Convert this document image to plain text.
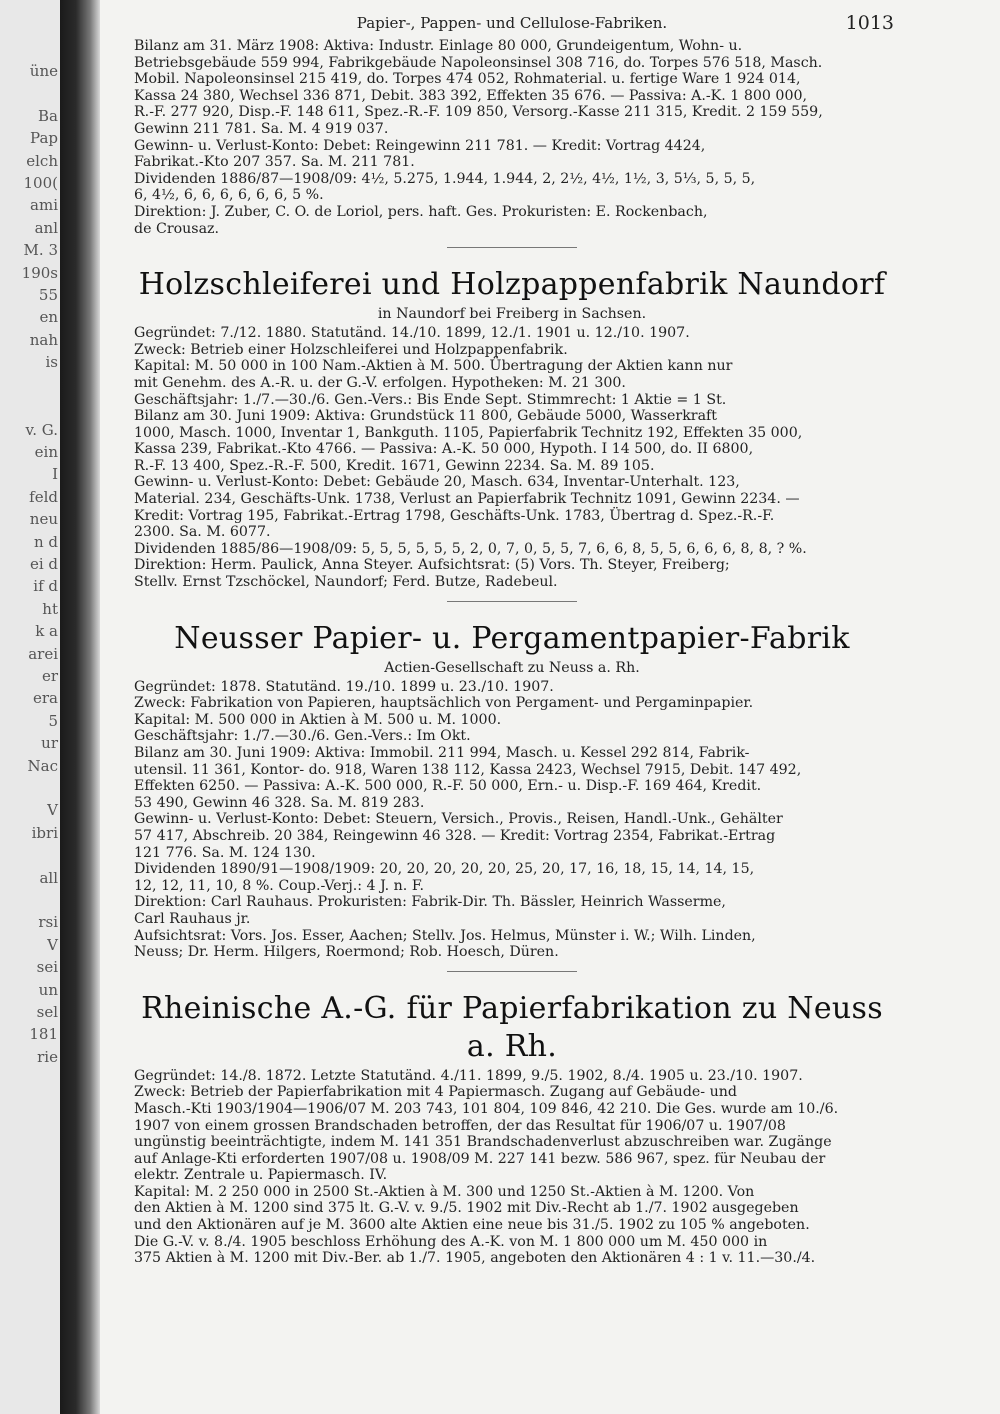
üne

Ba
Pap
elch
100(
ami
anl
M. 3
190s
55
en
nah
is

v. G.
ein
I
feld
neu
n d
ei d
if d
ht
k a
arei
er
era
5
ur
Nac

V
ibri

all

rsi
V
sei
un
sel
181
rie

Papier-, Pappen- und Cellulose-Fabriken.	1013
Bilanz am 31. März 1908: Aktiva: Industr. Einlage 80 000, Grundeigentum, Wohn- u.
Betriebsgebäude 559 994, Fabrikgebäude Napoleonsinsel 308 716, do. Torpes 576 518, Masch.
Mobil. Napoleonsinsel 215 419, do. Torpes 474 052, Rohmaterial. u. fertige Ware 1 924 014,
Kassa 24 380, Wechsel 336 871, Debit. 383 392, Effekten 35 676. — Passiva: A.-K. 1 800 000,
R.-F. 277 920, Disp.-F. 148 611, Spez.-R.-F. 109 850, Versorg.-Kasse 211 315, Kredit. 2 159 559,
Gewinn 211 781. Sa. M. 4 919 037.
Gewinn- u. Verlust-Konto: Debet: Reingewinn 211 781. — Kredit: Vortrag 4424,
Fabrikat.-Kto 207 357. Sa. M. 211 781.
Dividenden 1886/87—1908/09: 4½, 5.275, 1.944, 1.944, 2, 2½, 4½, 1½, 3, 5⅓, 5, 5, 5,
6, 4½, 6, 6, 6, 6, 6, 6, 5 %.
Direktion: J. Zuber, C. O. de Loriol, pers. haft. Ges. Prokuristen: E. Rockenbach,
de Crousaz.
Holzschleiferei und Holzpappenfabrik Naundorf
in Naundorf bei Freiberg in Sachsen.
Gegründet: 7./12. 1880. Statutänd. 14./10. 1899, 12./1. 1901 u. 12./10. 1907.
Zweck: Betrieb einer Holzschleiferei und Holzpappenfabrik.
Kapital: M. 50 000 in 100 Nam.-Aktien à M. 500. Übertragung der Aktien kann nur
mit Genehm. des A.-R. u. der G.-V. erfolgen. Hypotheken: M. 21 300.
Geschäftsjahr: 1./7.—30./6. Gen.-Vers.: Bis Ende Sept. Stimmrecht: 1 Aktie = 1 St.
Bilanz am 30. Juni 1909: Aktiva: Grundstück 11 800, Gebäude 5000, Wasserkraft
1000, Masch. 1000, Inventar 1, Bankguth. 1105, Papierfabrik Technitz 192, Effekten 35 000,
Kassa 239, Fabrikat.-Kto 4766. — Passiva: A.-K. 50 000, Hypoth. I 14 500, do. II 6800,
R.-F. 13 400, Spez.-R.-F. 500, Kredit. 1671, Gewinn 2234. Sa. M. 89 105.
Gewinn- u. Verlust-Konto: Debet: Gebäude 20, Masch. 634, Inventar-Unterhalt. 123,
Material. 234, Geschäfts-Unk. 1738, Verlust an Papierfabrik Technitz 1091, Gewinn 2234. —
Kredit: Vortrag 195, Fabrikat.-Ertrag 1798, Geschäfts-Unk. 1783, Übertrag d. Spez.-R.-F.
2300. Sa. M. 6077.
Dividenden 1885/86—1908/09: 5, 5, 5, 5, 5, 5, 2, 0, 7, 0, 5, 5, 7, 6, 6, 8, 5, 5, 6, 6, 6, 8, 8, ? %.
Direktion: Herm. Paulick, Anna Steyer. Aufsichtsrat: (5) Vors. Th. Steyer, Freiberg;
Stellv. Ernst Tzschöckel, Naundorf; Ferd. Butze, Radebeul.
Neusser Papier- u. Pergamentpapier-Fabrik
Actien-Gesellschaft zu Neuss a. Rh.
Gegründet: 1878. Statutänd. 19./10. 1899 u. 23./10. 1907.
Zweck: Fabrikation von Papieren, hauptsächlich von Pergament- und Pergaminpapier.
Kapital: M. 500 000 in Aktien à M. 500 u. M. 1000.
Geschäftsjahr: 1./7.—30./6. Gen.-Vers.: Im Okt.
Bilanz am 30. Juni 1909: Aktiva: Immobil. 211 994, Masch. u. Kessel 292 814, Fabrik-
utensil. 11 361, Kontor- do. 918, Waren 138 112, Kassa 2423, Wechsel 7915, Debit. 147 492,
Effekten 6250. — Passiva: A.-K. 500 000, R.-F. 50 000, Ern.- u. Disp.-F. 169 464, Kredit.
53 490, Gewinn 46 328. Sa. M. 819 283.
Gewinn- u. Verlust-Konto: Debet: Steuern, Versich., Provis., Reisen, Handl.-Unk., Gehälter
57 417, Abschreib. 20 384, Reingewinn 46 328. — Kredit: Vortrag 2354, Fabrikat.-Ertrag
121 776. Sa. M. 124 130.
Dividenden 1890/91—1908/1909: 20, 20, 20, 20, 20, 25, 20, 17, 16, 18, 15, 14, 14, 15,
12, 12, 11, 10, 8 %. Coup.-Verj.: 4 J. n. F.
Direktion: Carl Rauhaus. Prokuristen: Fabrik-Dir. Th. Bässler, Heinrich Wasserme,
Carl Rauhaus jr.
Aufsichtsrat: Vors. Jos. Esser, Aachen; Stellv. Jos. Helmus, Münster i. W.; Wilh. Linden,
Neuss; Dr. Herm. Hilgers, Roermond; Rob. Hoesch, Düren.
Rheinische A.-G. für Papierfabrikation zu Neuss a. Rh.
Gegründet: 14./8. 1872. Letzte Statutänd. 4./11. 1899, 9./5. 1902, 8./4. 1905 u. 23./10. 1907.
Zweck: Betrieb der Papierfabrikation mit 4 Papiermasch. Zugang auf Gebäude- und
Masch.-Kti 1903/1904—1906/07 M. 203 743, 101 804, 109 846, 42 210. Die Ges. wurde am 10./6.
1907 von einem grossen Brandschaden betroffen, der das Resultat für 1906/07 u. 1907/08
ungünstig beeinträchtigte, indem M. 141 351 Brandschadenverlust abzuschreiben war. Zugänge
auf Anlage-Kti erforderten 1907/08 u. 1908/09 M. 227 141 bezw. 586 967, spez. für Neubau der
elektr. Zentrale u. Papiermasch. IV.
Kapital: M. 2 250 000 in 2500 St.-Aktien à M. 300 und 1250 St.-Aktien à M. 1200. Von
den Aktien à M. 1200 sind 375 lt. G.-V. v. 9./5. 1902 mit Div.-Recht ab 1./7. 1902 ausgegeben
und den Aktionären auf je M. 3600 alte Aktien eine neue bis 31./5. 1902 zu 105 % angeboten.
Die G.-V. v. 8./4. 1905 beschloss Erhöhung des A.-K. von M. 1 800 000 um M. 450 000 in
375 Aktien à M. 1200 mit Div.-Ber. ab 1./7. 1905, angeboten den Aktionären 4 : 1 v. 11.—30./4.
